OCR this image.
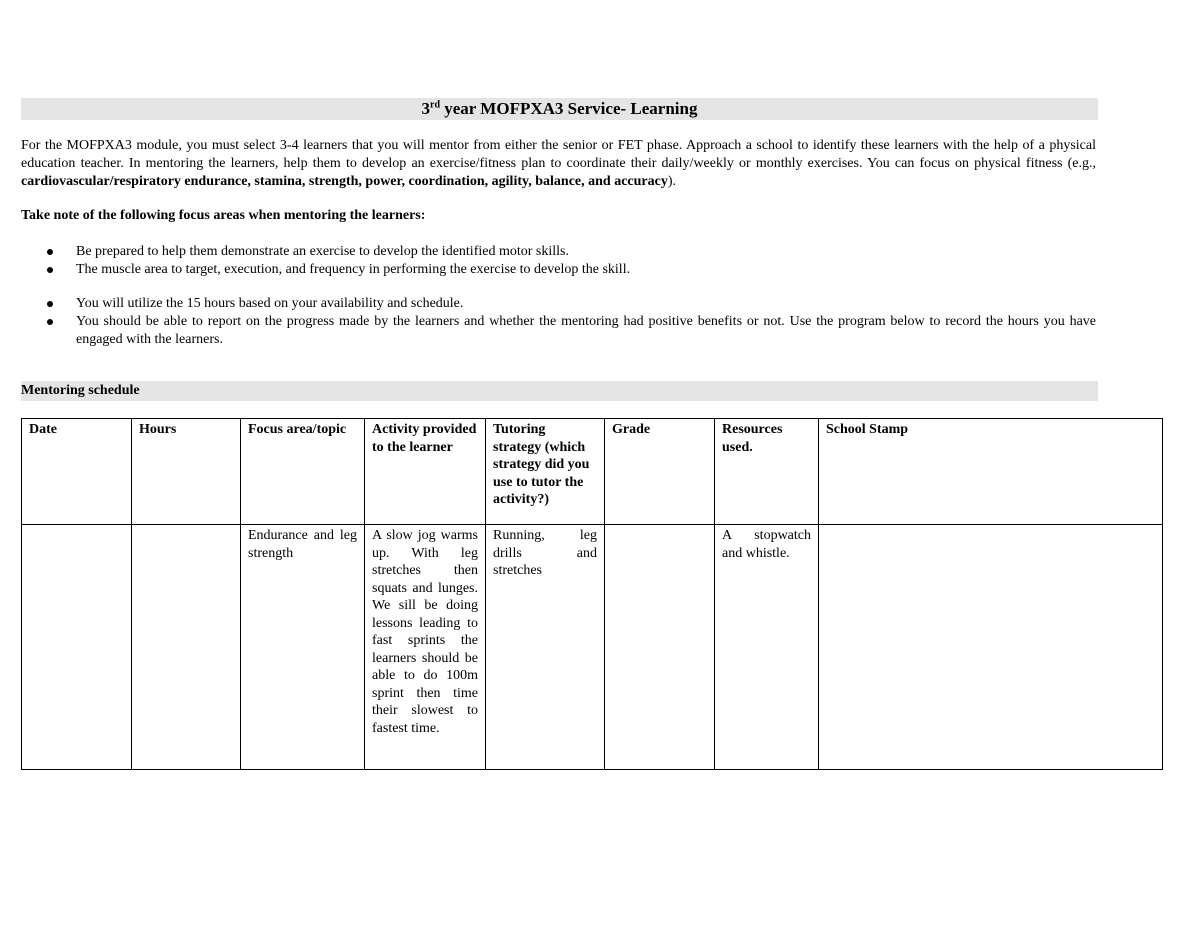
3rd year MOFPXA3 Service- Learning
For the MOFPXA3 module, you must select 3-4 learners that you will mentor from either the senior or FET phase. Approach a school to identify these learners with the help of a physical education teacher. In mentoring the learners, help them to develop an exercise/fitness plan to coordinate their daily/weekly or monthly exercises. You can focus on physical fitness (e.g., cardiovascular/respiratory endurance, stamina, strength, power, coordination, agility, balance, and accuracy).
Take note of the following focus areas when mentoring the learners:
Be prepared to help them demonstrate an exercise to develop the identified motor skills.
The muscle area to target, execution, and frequency in performing the exercise to develop the skill.
You will utilize the 15 hours based on your availability and schedule.
You should be able to report on the progress made by the learners and whether the mentoring had positive benefits or not. Use the program below to record the hours you have engaged with the learners.
Mentoring schedule
Date	Hours	Focus area/topic	Activity provided to the learner	Tutoring strategy (which strategy did you use to tutor the activity?)	Grade	Resources used.	School Stamp
		Endurance and leg strength	A slow jog warms up. With leg stretches then squats and lunges. We sill be doing lessons leading to fast sprints the learners should be able to do 100m sprint then time their slowest to fastest time.	Running, leg drills and stretches		A stopwatch and whistle.	
